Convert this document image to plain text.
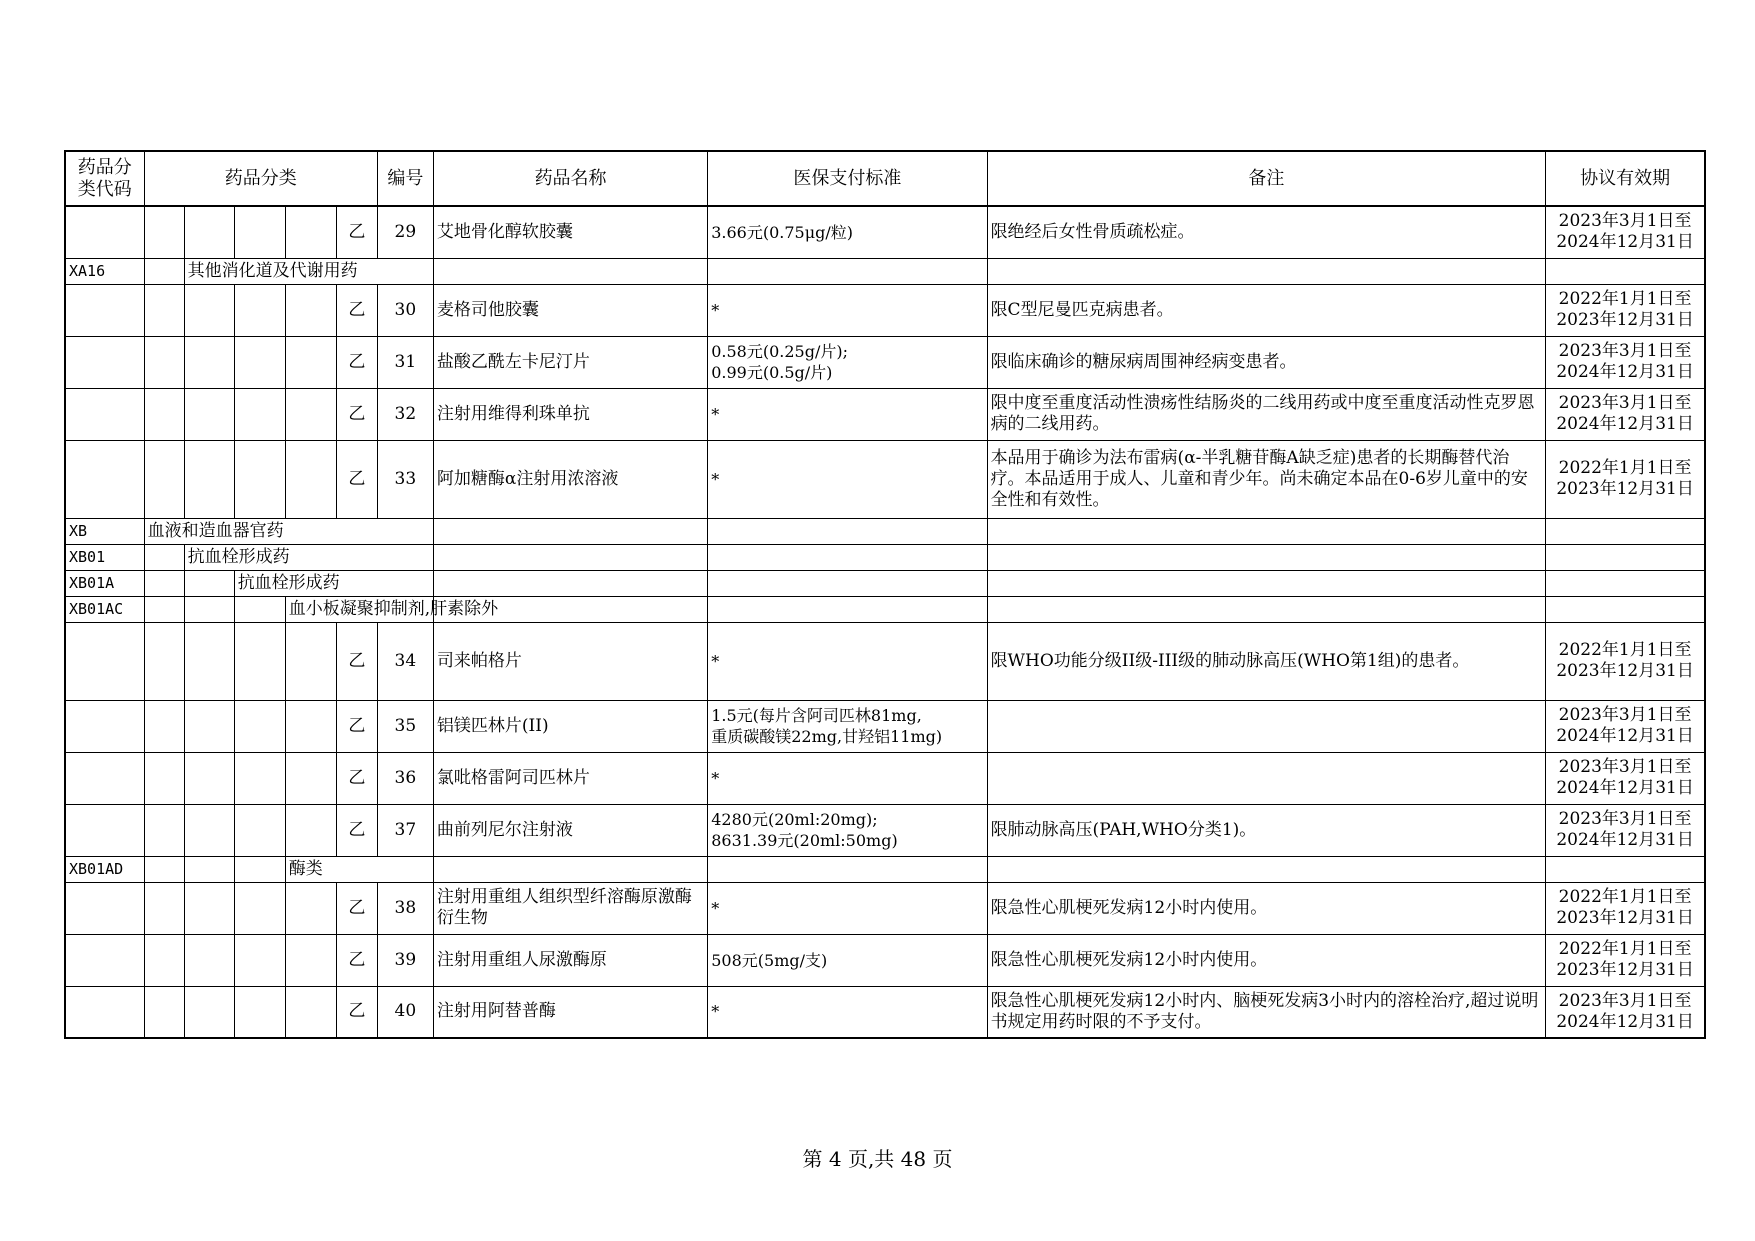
药品分
类代码	药品分类					编号	药品名称	医保支付标准	备注	协议有效期
					乙	29	艾地骨化醇软胶囊	3.66元(0.75μg/粒)	限绝经后女性骨质疏松症。	2023年3月1日至
2024年12月31日
XA16		其他消化道及代谢用药								
					乙	30	麦格司他胶囊	*	限C型尼曼匹克病患者。	2022年1月1日至
2023年12月31日
					乙	31	盐酸乙酰左卡尼汀片	0.58元(0.25g/片);
0.99元(0.5g/片)	限临床确诊的糖尿病周围神经病变患者。	2023年3月1日至
2024年12月31日
					乙	32	注射用维得利珠单抗	*	限中度至重度活动性溃疡性结肠炎的二线用药或中度至重度活动性克罗恩病的二线用药。	2023年3月1日至
2024年12月31日
					乙	33	阿加糖酶α注射用浓溶液	*	本品用于确诊为法布雷病(α-半乳糖苷酶A缺乏症)患者的长期酶替代治疗。本品适用于成人、儿童和青少年。尚未确定本品在0-6岁儿童中的安全性和有效性。	2022年1月1日至
2023年12月31日
XB	血液和造血器官药									
XB01		抗血栓形成药								
XB01A			抗血栓形成药							
XB01AC				血小板凝聚抑制剂,肝素除外						
					乙	34	司来帕格片	*	限WHO功能分级II级-III级的肺动脉高压(WHO第1组)的患者。	2022年1月1日至
2023年12月31日
					乙	35	铝镁匹林片(II)	1.5元(每片含阿司匹林81mg,
重质碳酸镁22mg,甘羟铝11mg)		2023年3月1日至
2024年12月31日
					乙	36	氯吡格雷阿司匹林片	*		2023年3月1日至
2024年12月31日
					乙	37	曲前列尼尔注射液	4280元(20ml:20mg);
8631.39元(20ml:50mg)	限肺动脉高压(PAH,WHO分类1)。	2023年3月1日至
2024年12月31日
XB01AD				酶类						
					乙	38	注射用重组人组织型纤溶酶原激酶衍生物	*	限急性心肌梗死发病12小时内使用。	2022年1月1日至
2023年12月31日
					乙	39	注射用重组人尿激酶原	508元(5mg/支)	限急性心肌梗死发病12小时内使用。	2022年1月1日至
2023年12月31日
					乙	40	注射用阿替普酶	*	限急性心肌梗死发病12小时内、脑梗死发病3小时内的溶栓治疗,超过说明书规定用药时限的不予支付。	2023年3月1日至
2024年12月31日
第 4 页,共 48 页
